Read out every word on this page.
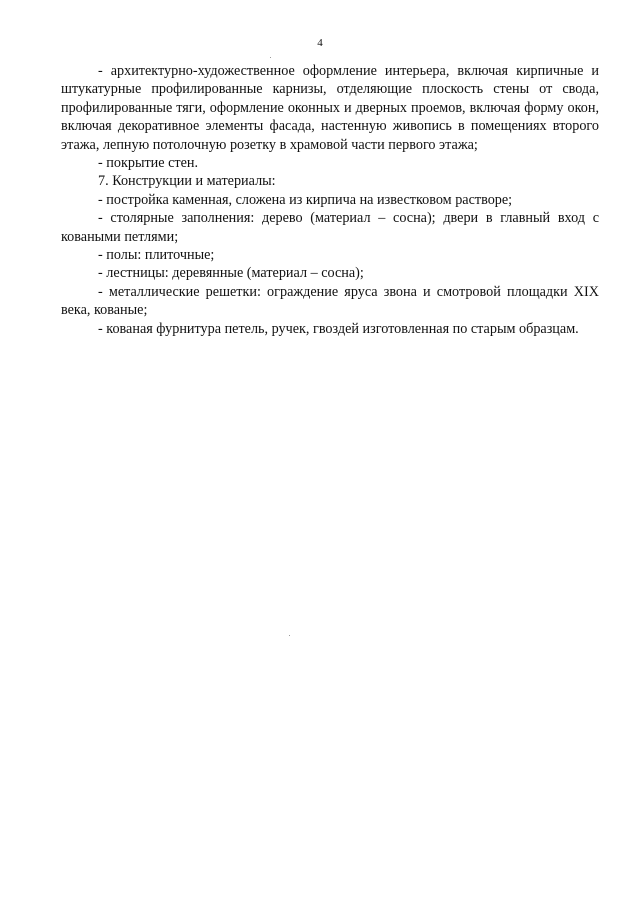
4

- архитектурно-художественное оформление интерьера, включая кирпичные и штукатурные профилированные карнизы, отделяющие плоскость стены от свода, профилированные тяги, оформление оконных и дверных проемов, включая форму окон, включая декоративное элементы фасада, настенную живопись в помещениях второго этажа, лепную потолочную розетку в храмовой части первого этажа;

- покрытие стен.

7. Конструкции и материалы:

- постройка каменная, сложена из кирпича на известковом растворе;

- столярные заполнения: дерево (материал – сосна); двери в главный вход с коваными петлями;

- полы: плиточные;

- лестницы: деревянные (материал – сосна);

- металлические решетки: ограждение яруса звона и смотровой площадки XIX века, кованые;

- кованая фурнитура петель, ручек, гвоздей изготовленная по старым образцам.
